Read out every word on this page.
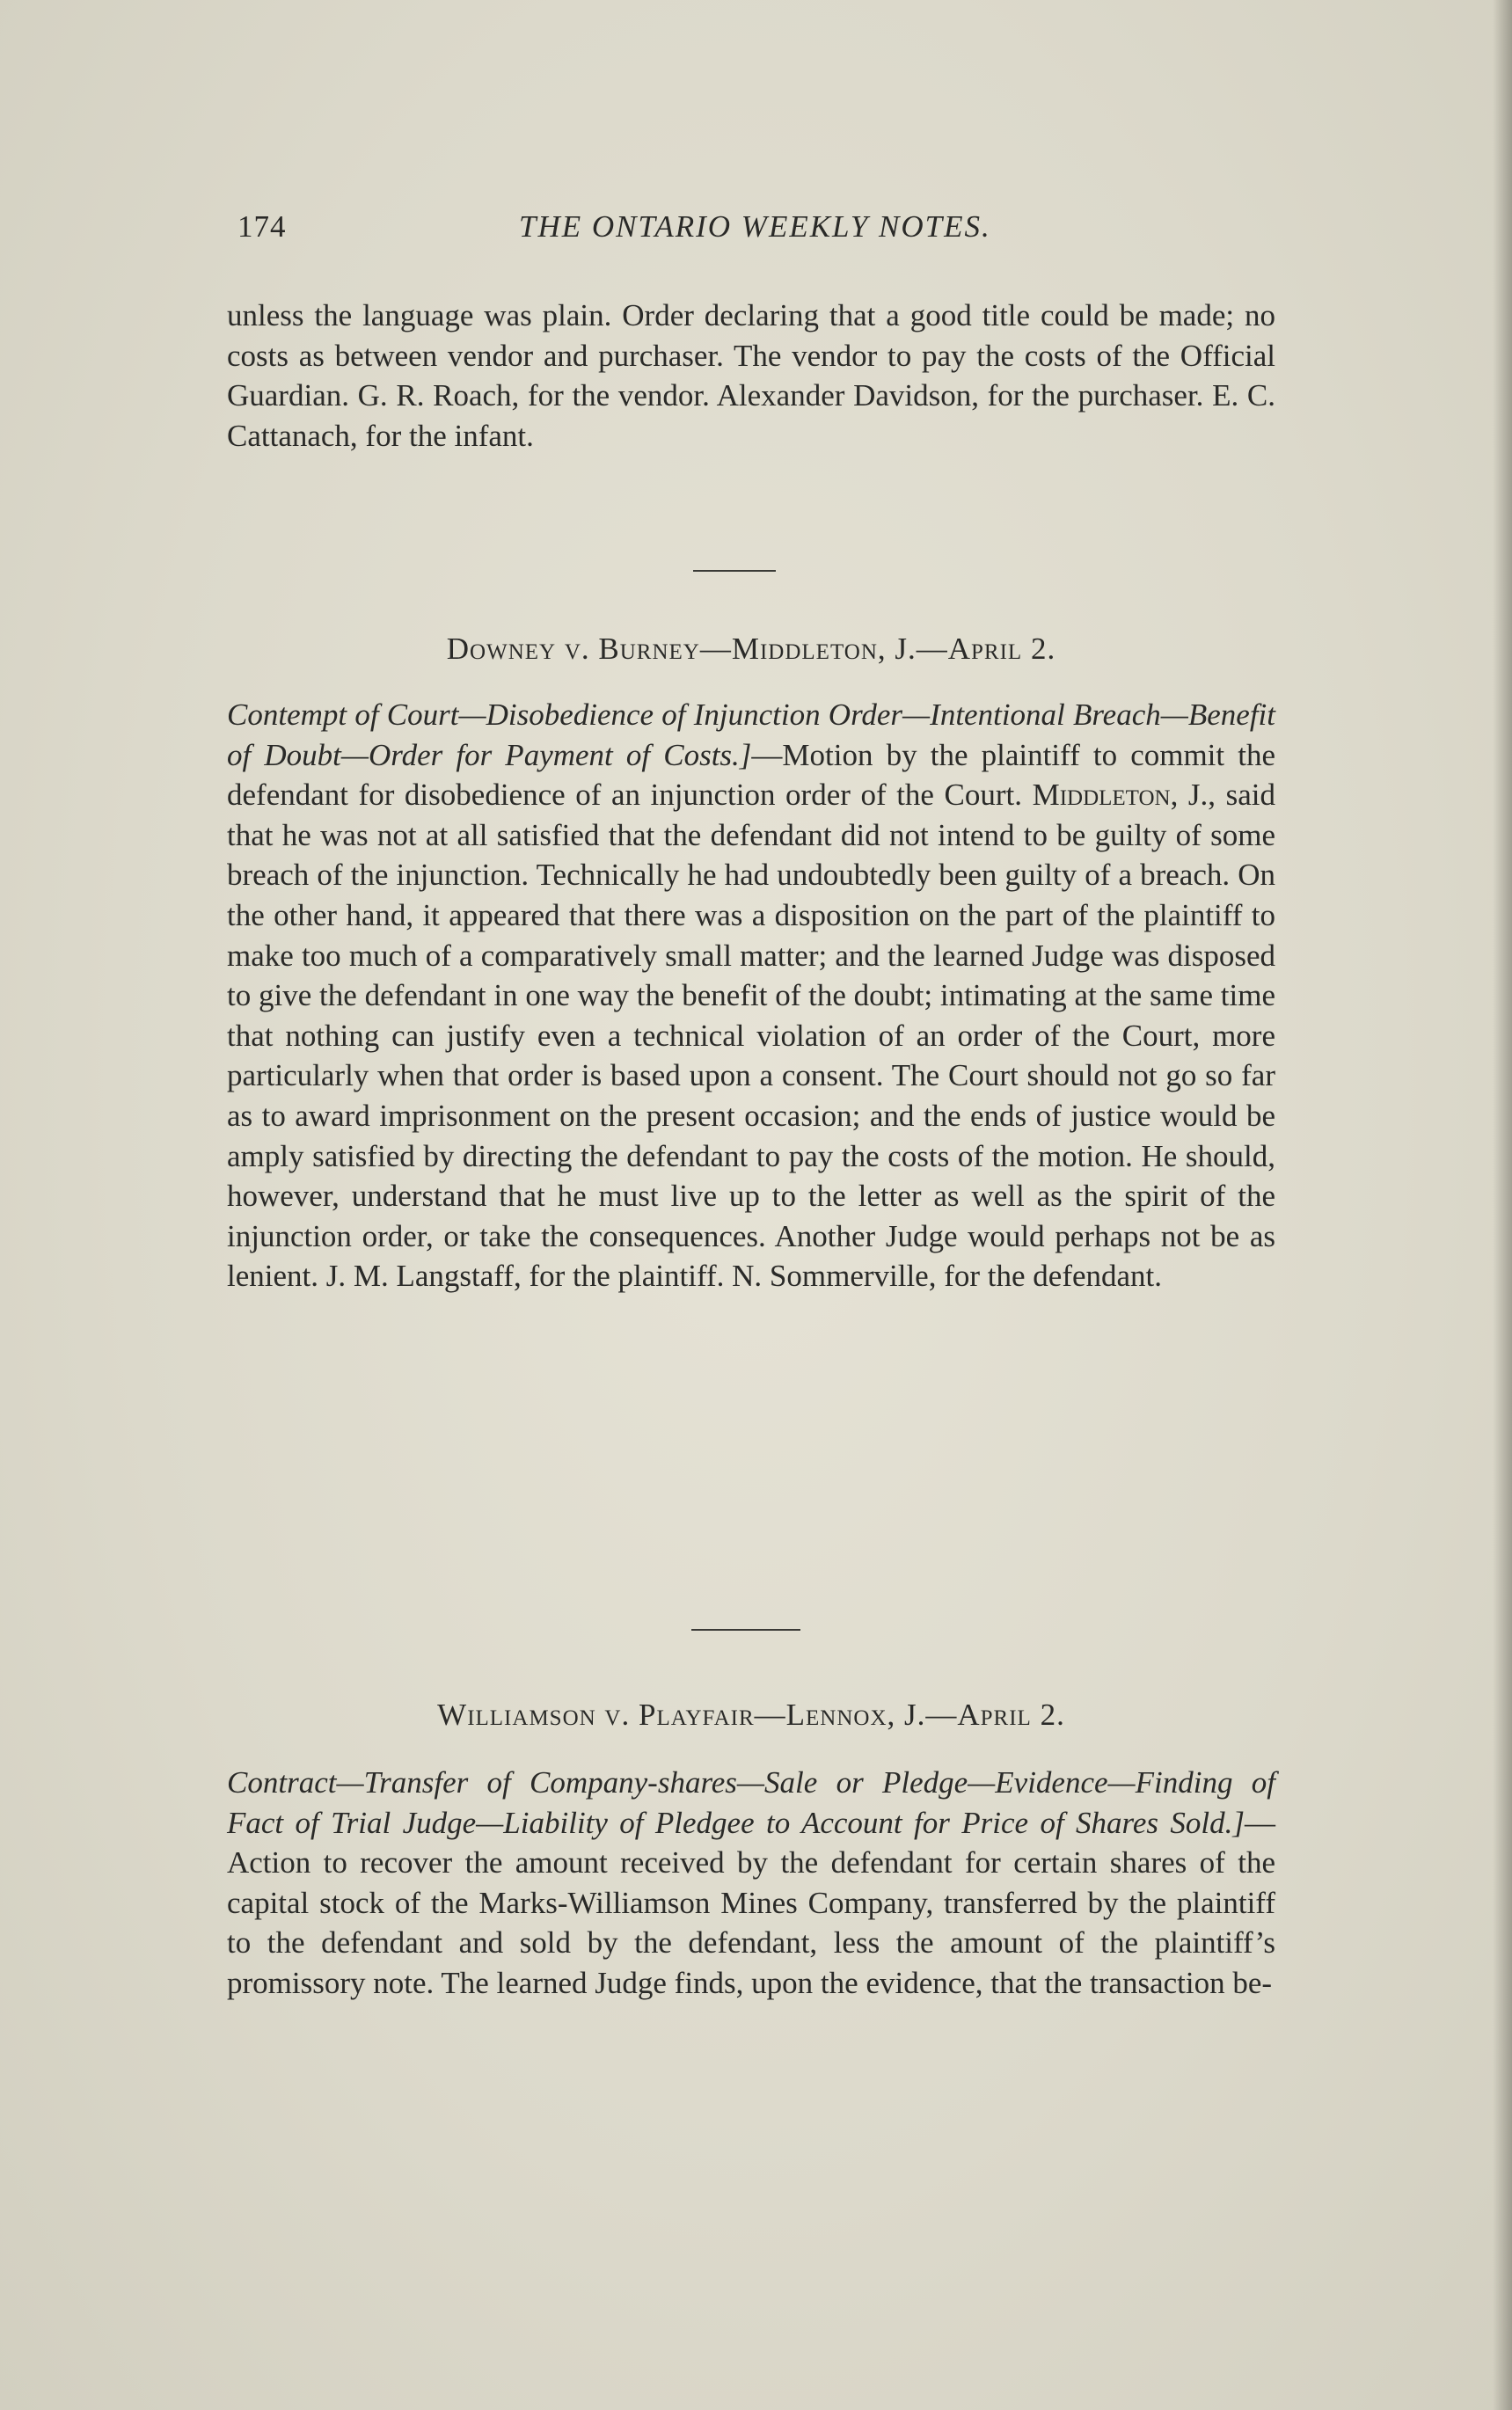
174	THE ONTARIO WEEKLY NOTES.

unless the language was plain. Order declaring that a good title could be made; no costs as between vendor and purchaser. The vendor to pay the costs of the Official Guardian. G. R. Roach, for the vendor. Alexander Davidson, for the purchaser. E. C. Cattanach, for the infant.

Downey v. Burney—Middleton, J.—April 2.

Contempt of Court—Disobedience of Injunction Order—Intentional Breach—Benefit of Doubt—Order for Payment of Costs.]—Motion by the plaintiff to commit the defendant for disobedience of an injunction order of the Court. Middleton, J., said that he was not at all satisfied that the defendant did not intend to be guilty of some breach of the injunction. Technically he had undoubtedly been guilty of a breach. On the other hand, it appeared that there was a disposition on the part of the plaintiff to make too much of a comparatively small matter; and the learned Judge was disposed to give the defendant in one way the benefit of the doubt; intimating at the same time that nothing can justify even a technical violation of an order of the Court, more particularly when that order is based upon a consent. The Court should not go so far as to award imprisonment on the present occasion; and the ends of justice would be amply satisfied by directing the defendant to pay the costs of the motion. He should, however, understand that he must live up to the letter as well as the spirit of the injunction order, or take the consequences. Another Judge would perhaps not be as lenient. J. M. Langstaff, for the plaintiff. N. Sommerville, for the defendant.

Williamson v. Playfair—Lennox, J.—April 2.

Contract—Transfer of Company-shares—Sale or Pledge—Evidence—Finding of Fact of Trial Judge—Liability of Pledgee to Account for Price of Shares Sold.]—Action to recover the amount received by the defendant for certain shares of the capital stock of the Marks-Williamson Mines Company, transferred by the plaintiff to the defendant and sold by the defendant, less the amount of the plaintiff’s promissory note. The learned Judge finds, upon the evidence, that the transaction be-
